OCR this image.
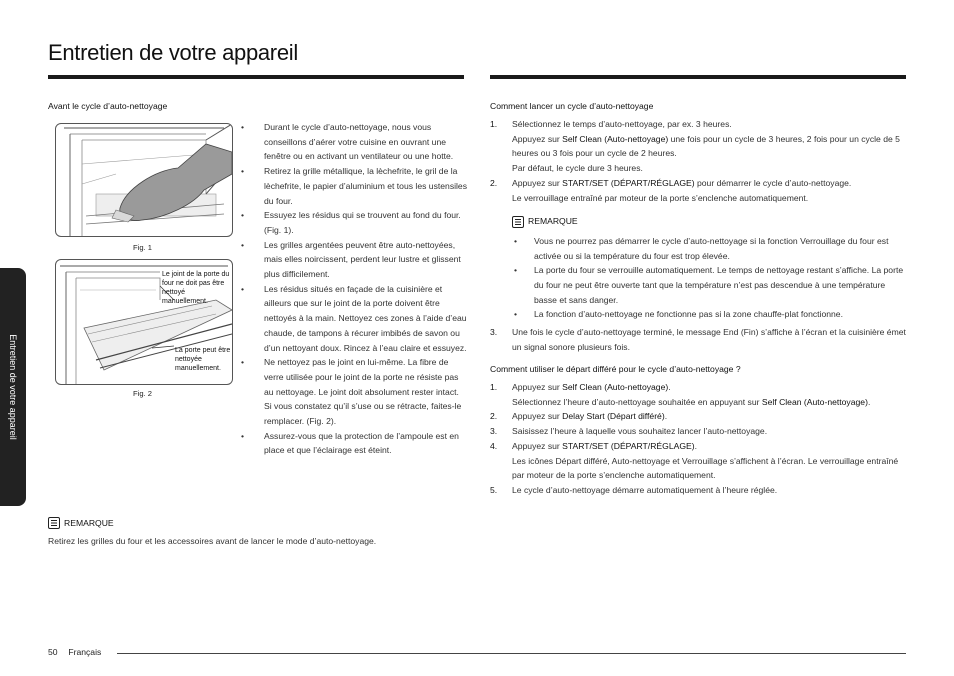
Entretien de votre appareil
Entretien de votre appareil
Avant le cycle d’auto-nettoyage
Fig. 1
Le joint de la porte du four ne doit pas être nettoyé manuellement.
La porte peut être nettoyée manuellement.
Fig. 2
• Durant le cycle d’auto-nettoyage, nous vous conseillons d’aérer votre cuisine en ouvrant une fenêtre ou en activant un ventilateur ou une hotte.
• Retirez la grille métallique, la lèchefrite, le gril de la lèchefrite, le papier d’aluminium et tous les ustensiles du four.
• Essuyez les résidus qui se trouvent au fond du four. (Fig. 1).
• Les grilles argentées peuvent être auto-nettoyées, mais elles noircissent, perdent leur lustre et glissent plus difficilement.
• Les résidus situés en façade de la cuisinière et ailleurs que sur le joint de la porte doivent être nettoyés à la main. Nettoyez ces zones à l’aide d’eau chaude, de tampons à récurer imbibés de savon ou d’un nettoyant doux. Rincez à l’eau claire et essuyez.
• Ne nettoyez pas le joint en lui-même. La fibre de verre utilisée pour le joint de la porte ne résiste pas au nettoyage. Le joint doit absolument rester intact. Si vous constatez qu’il s’use ou se rétracte, faites-le remplacer. (Fig. 2).
• Assurez-vous que la protection de l’ampoule est en place et que l’éclairage est éteint.
REMARQUE
Retirez les grilles du four et les accessoires avant de lancer le mode d’auto-nettoyage.
Comment lancer un cycle d’auto-nettoyage
1. Sélectionnez le temps d’auto-nettoyage, par ex. 3 heures.
Appuyez sur Self Clean (Auto-nettoyage) une fois pour un cycle de 3 heures, 2 fois pour un cycle de 5 heures ou 3 fois pour un cycle de 2 heures.
Par défaut, le cycle dure 3 heures.
2. Appuyez sur START/SET (DÉPART/RÉGLAGE) pour démarrer le cycle d’auto-nettoyage.
Le verrouillage entraîné par moteur de la porte s’enclenche automatiquement.
REMARQUE
• Vous ne pourrez pas démarrer le cycle d’auto-nettoyage si la fonction Verrouillage du four est activée ou si la température du four est trop élevée.
• La porte du four se verrouille automatiquement. Le temps de nettoyage restant s’affiche. La porte du four ne peut être ouverte tant que la température n’est pas descendue à une température basse et sans danger.
• La fonction d’auto-nettoyage ne fonctionne pas si la zone chauffe-plat fonctionne.
3. Une fois le cycle d’auto-nettoyage terminé, le message End (Fin) s’affiche à l’écran et la cuisinière émet un signal sonore plusieurs fois.
Comment utiliser le départ différé pour le cycle d’auto-nettoyage ?
1. Appuyez sur Self Clean (Auto-nettoyage).
Sélectionnez l’heure d’auto-nettoyage souhaitée en appuyant sur Self Clean (Auto-nettoyage).
2. Appuyez sur Delay Start (Départ différé).
3. Saisissez l’heure à laquelle vous souhaitez lancer l’auto-nettoyage.
4. Appuyez sur START/SET (DÉPART/RÉGLAGE).
Les icônes Départ différé, Auto-nettoyage et Verrouillage s’affichent à l’écran. Le verrouillage entraîné par moteur de la porte s’enclenche automatiquement.
5. Le cycle d’auto-nettoyage démarre automatiquement à l’heure réglée.
50 Français
